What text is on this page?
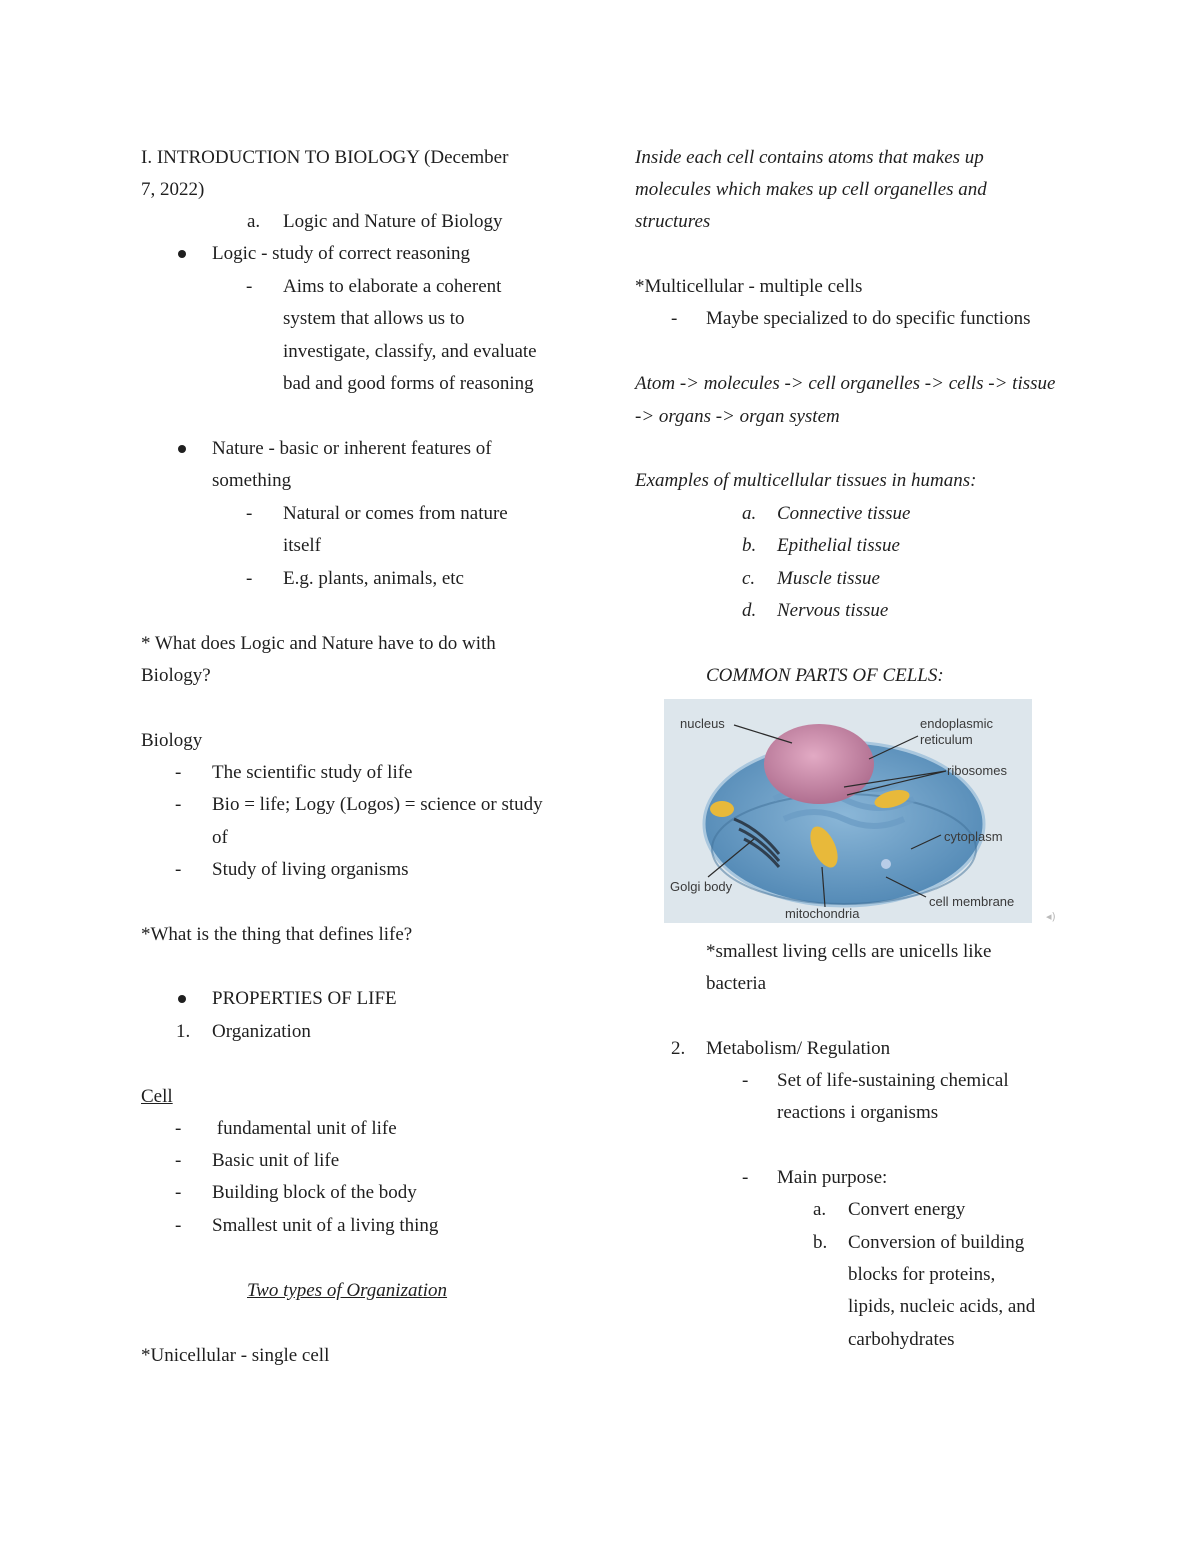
I. INTRODUCTION TO BIOLOGY (December
7, 2022)
a. Logic and Nature of Biology
Logic - study of correct reasoning
- Aims to elaborate a coherent
system that allows us to
investigate, classify, and evaluate
bad and good forms of reasoning
Nature - basic or inherent features of
something
- Natural or comes from nature
itself
- E.g. plants, animals, etc
* What does Logic and Nature have to do with
Biology?
Biology
- The scientific study of life
- Bio = life; Logy (Logos) = science or study
of
- Study of living organisms
*What is the thing that defines life?
PROPERTIES OF LIFE
1. Organization
Cell
- fundamental unit of life
- Basic unit of life
- Building block of the body
- Smallest unit of a living thing
Two types of Organization
*Unicellular - single cell
Inside each cell contains atoms that makes up
molecules which makes up cell organelles and
structures
*Multicellular - multiple cells
- Maybe specialized to do specific functions
Atom -> molecules -> cell organelles -> cells -> tissue
-> organs -> organ system
Examples of multicellular tissues in humans:
a. Connective tissue
b. Epithelial tissue
c. Muscle tissue
d. Nervous tissue
COMMON PARTS OF CELLS:
nucleus	endoplasmic
reticulum
ribosomes
cytoplasm
Golgi body
mitochondria
cell membrane
◂)
*smallest living cells are unicells like
bacteria
2. Metabolism/ Regulation
- Set of life-sustaining chemical
reactions i organisms
- Main purpose:
a. Convert energy
b. Conversion of building
blocks for proteins,
lipids, nucleic acids, and
carbohydrates
